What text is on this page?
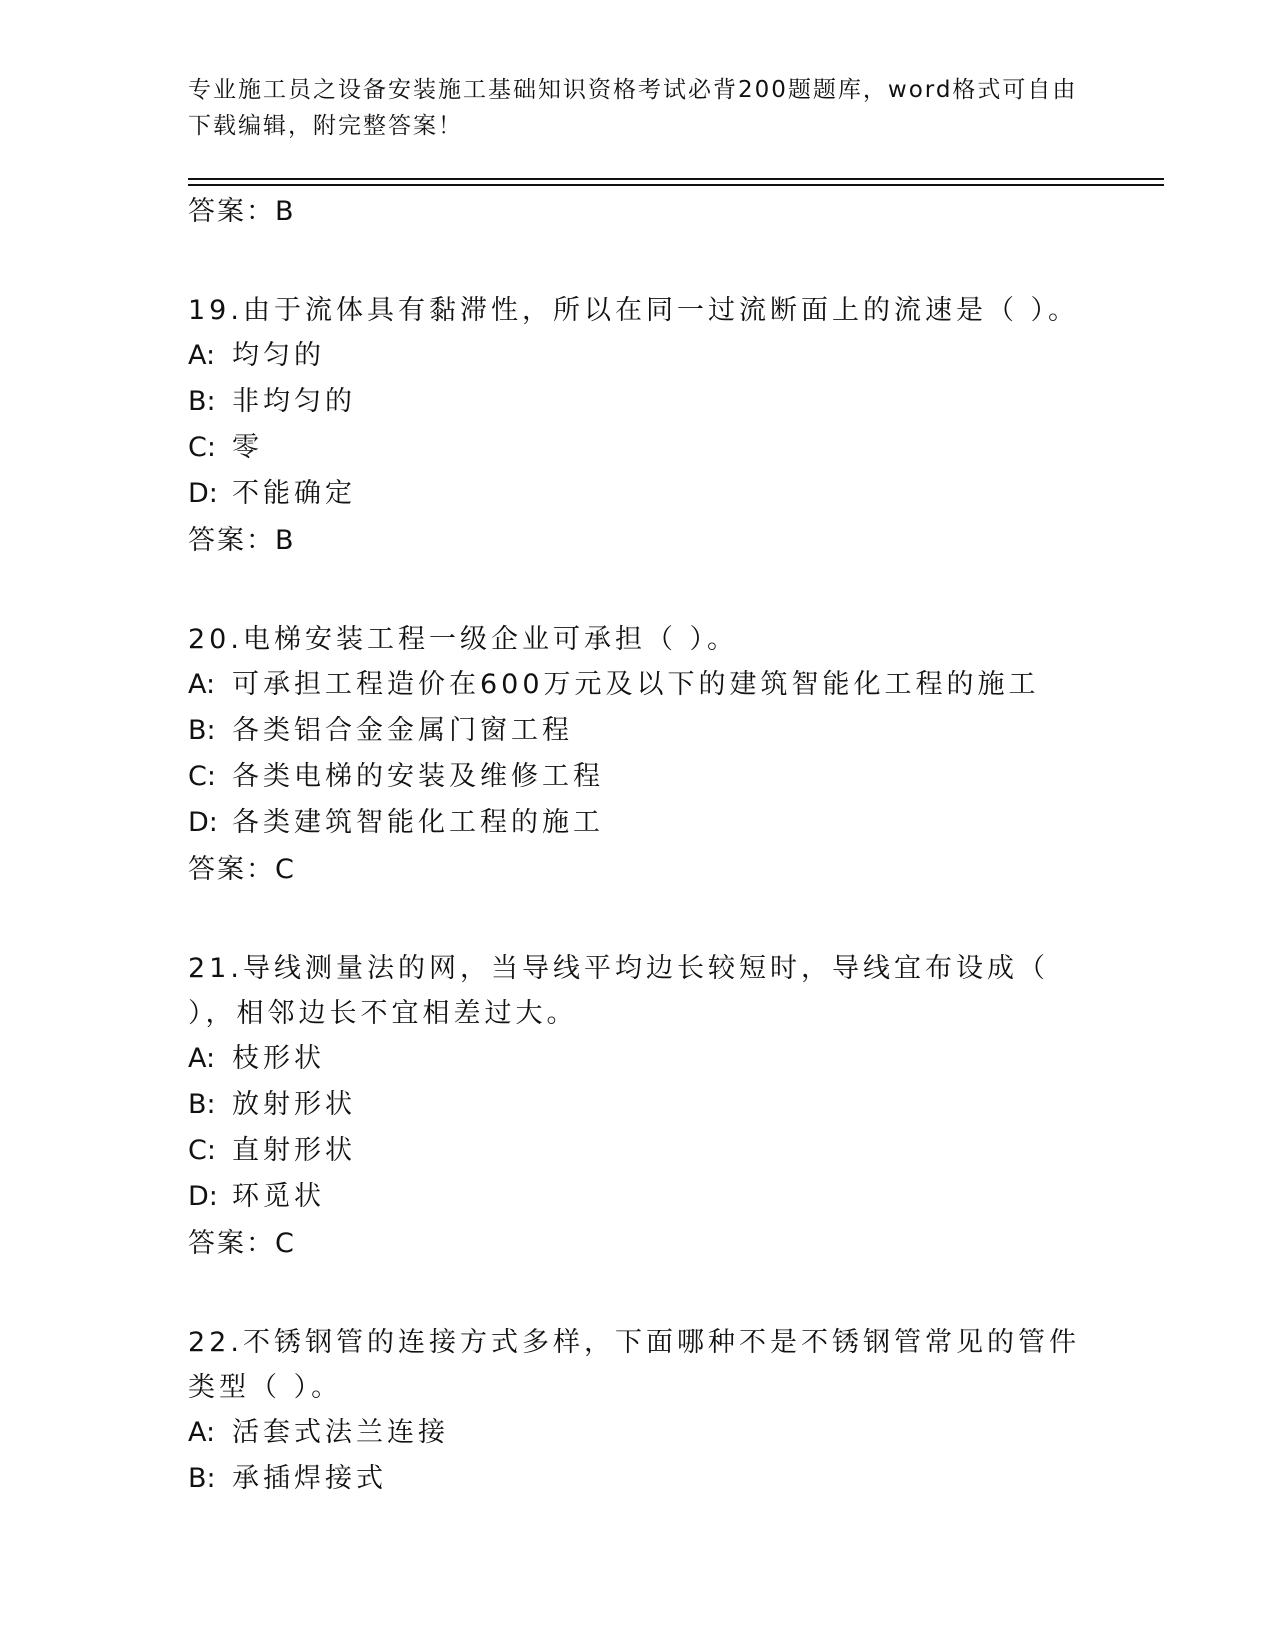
专业施工员之设备安装施工基础知识资格考试必背200题题库，word格式可自由下载编辑，附完整答案！
答案：B
19.由于流体具有黏滞性，所以在同一过流断面上的流速是（ ）。
A: 均匀的
B: 非均匀的
C: 零
D: 不能确定
答案：B
20.电梯安装工程一级企业可承担（ ）。
A: 可承担工程造价在600万元及以下的建筑智能化工程的施工
B: 各类铝合金金属门窗工程
C: 各类电梯的安装及维修工程
D: 各类建筑智能化工程的施工
答案：C
21.导线测量法的网，当导线平均边长较短时，导线宜布设成（ ），相邻边长不宜相差过大。
A: 枝形状
B: 放射形状
C: 直射形状
D: 环觅状
答案：C
22.不锈钢管的连接方式多样，下面哪种不是不锈钢管常见的管件类型（ ）。
A: 活套式法兰连接
B: 承插焊接式
